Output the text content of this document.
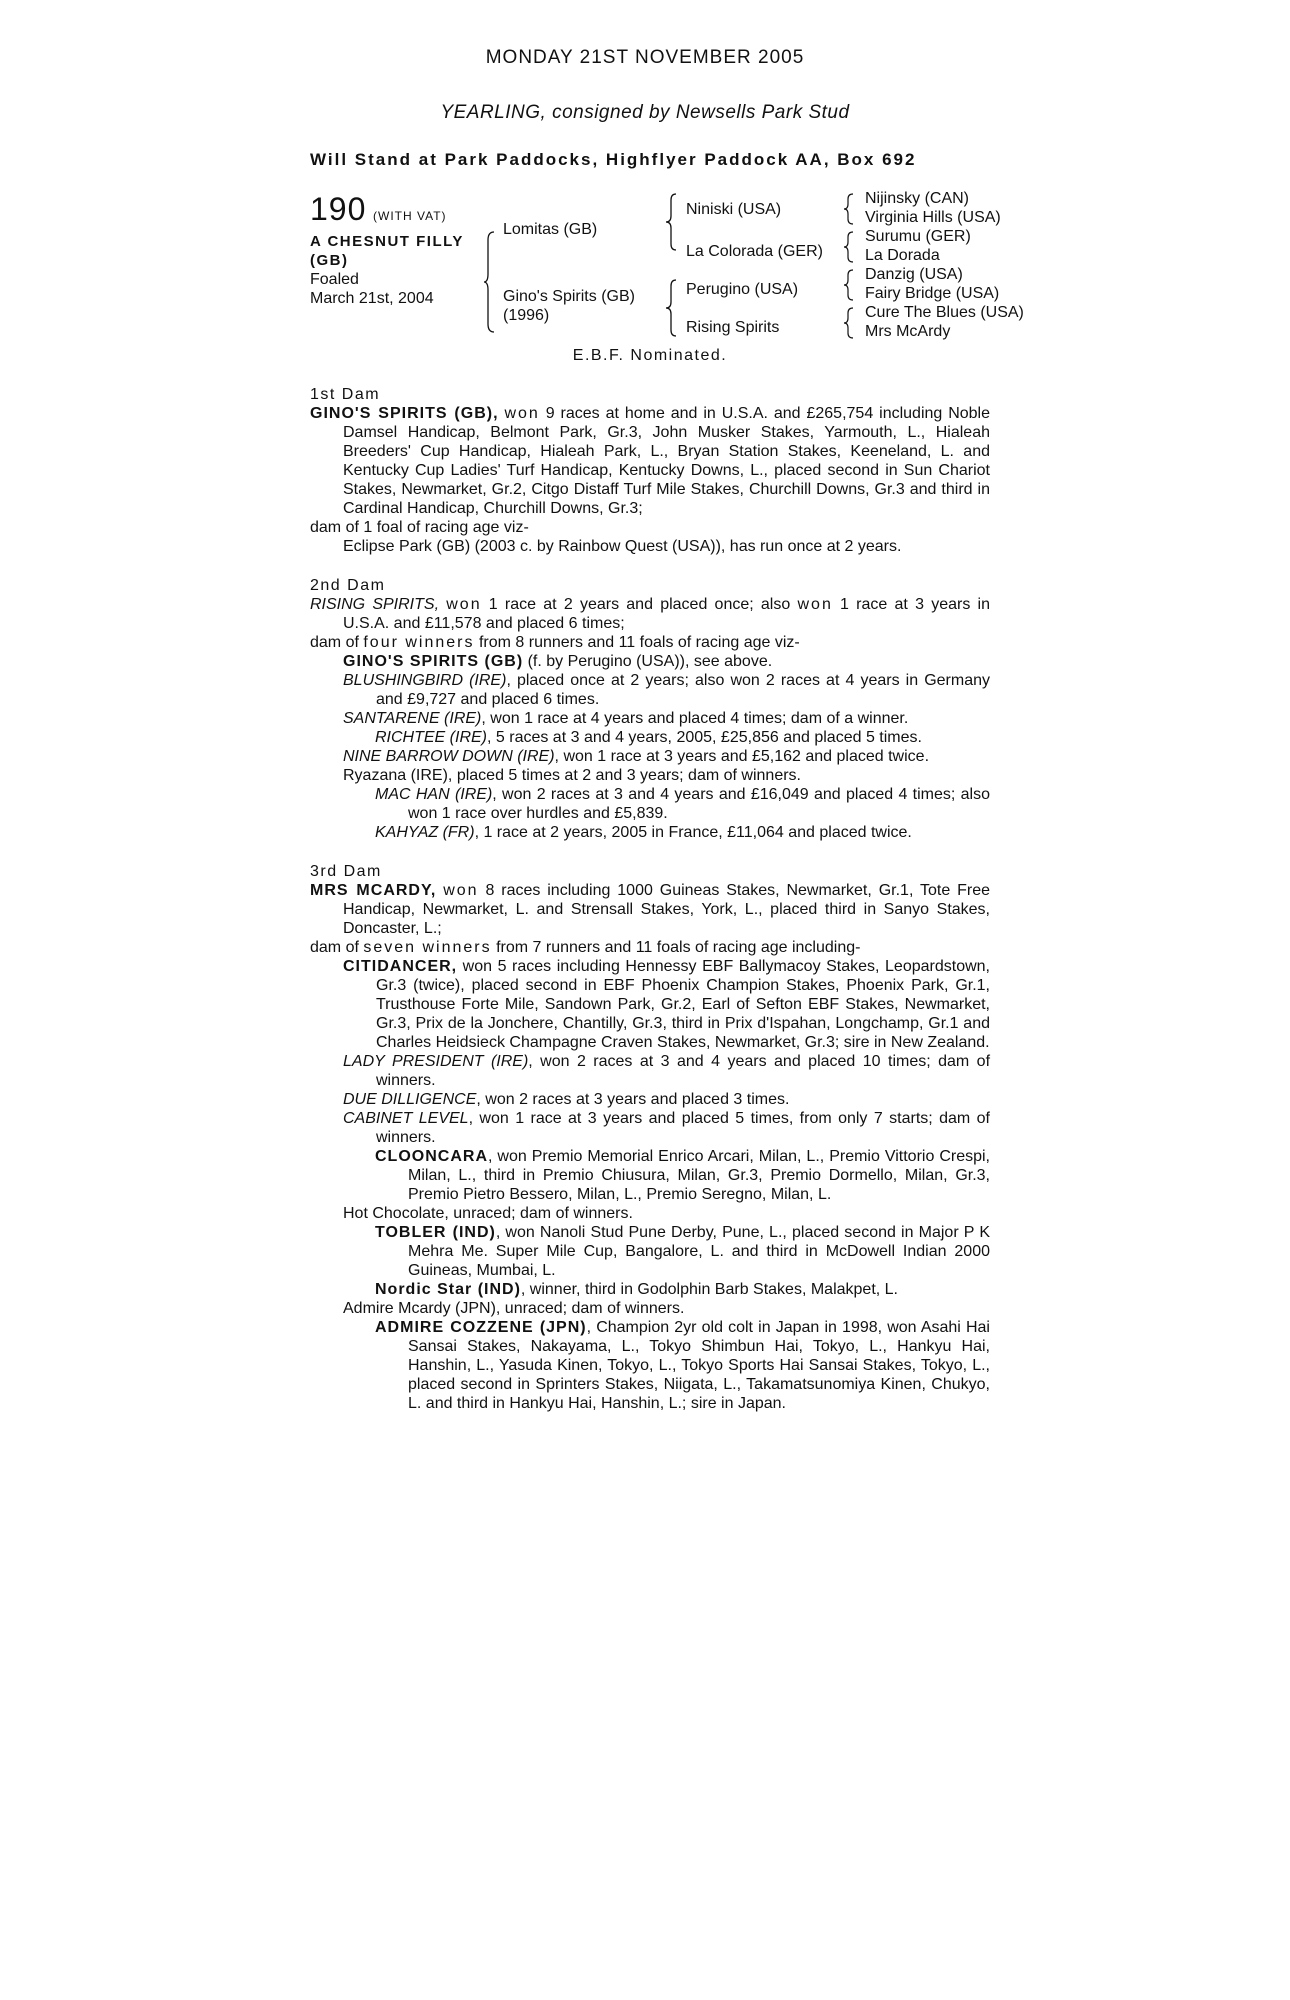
MONDAY 21ST NOVEMBER 2005
YEARLING, consigned by Newsells Park Stud
Will Stand at Park Paddocks, Highflyer Paddock AA, Box 692
190 (WITH VAT)
A CHESNUT FILLY
(GB)
Foaled
March 21st, 2004
Lomitas (GB)
Gino's Spirits (GB)
(1996)
Niniski (USA)
La Colorada (GER)
Perugino (USA)
Rising Spirits
Nijinsky (CAN)
Virginia Hills (USA)
Surumu (GER)
La Dorada
Danzig (USA)
Fairy Bridge (USA)
Cure The Blues (USA)
Mrs McArdy
E.B.F. Nominated.
1st Dam

GINO'S SPIRITS (GB), won 9 races at home and in U.S.A. and £265,754 including Noble Damsel Handicap, Belmont Park, Gr.3, John Musker Stakes, Yarmouth, L., Hialeah Breeders' Cup Handicap, Hialeah Park, L., Bryan Station Stakes, Keeneland, L. and Kentucky Cup Ladies' Turf Handicap, Kentucky Downs, L., placed second in Sun Chariot Stakes, Newmarket, Gr.2, Citgo Distaff Turf Mile Stakes, Churchill Downs, Gr.3 and third in Cardinal Handicap, Churchill Downs, Gr.3;

dam of 1 foal of racing age viz-

Eclipse Park (GB) (2003 c. by Rainbow Quest (USA)), has run once at 2 years.

2nd Dam

RISING SPIRITS, won 1 race at 2 years and placed once; also won 1 race at 3 years in U.S.A. and £11,578 and placed 6 times;

dam of four winners from 8 runners and 11 foals of racing age viz-

GINO'S SPIRITS (GB) (f. by Perugino (USA)), see above.

BLUSHINGBIRD (IRE), placed once at 2 years; also won 2 races at 4 years in Germany and £9,727 and placed 6 times.

SANTARENE (IRE), won 1 race at 4 years and placed 4 times; dam of a winner.

RICHTEE (IRE), 5 races at 3 and 4 years, 2005, £25,856 and placed 5 times.

NINE BARROW DOWN (IRE), won 1 race at 3 years and £5,162 and placed twice.

Ryazana (IRE), placed 5 times at 2 and 3 years; dam of winners.

MAC HAN (IRE), won 2 races at 3 and 4 years and £16,049 and placed 4 times; also won 1 race over hurdles and £5,839.

KAHYAZ (FR), 1 race at 2 years, 2005 in France, £11,064 and placed twice.

3rd Dam

MRS MCARDY, won 8 races including 1000 Guineas Stakes, Newmarket, Gr.1, Tote Free Handicap, Newmarket, L. and Strensall Stakes, York, L., placed third in Sanyo Stakes, Doncaster, L.;

dam of seven winners from 7 runners and 11 foals of racing age including-

CITIDANCER, won 5 races including Hennessy EBF Ballymacoy Stakes, Leopardstown, Gr.3 (twice), placed second in EBF Phoenix Champion Stakes, Phoenix Park, Gr.1, Trusthouse Forte Mile, Sandown Park, Gr.2, Earl of Sefton EBF Stakes, Newmarket, Gr.3, Prix de la Jonchere, Chantilly, Gr.3, third in Prix d'Ispahan, Longchamp, Gr.1 and Charles Heidsieck Champagne Craven Stakes, Newmarket, Gr.3; sire in New Zealand.

LADY PRESIDENT (IRE), won 2 races at 3 and 4 years and placed 10 times; dam of winners.

DUE DILLIGENCE, won 2 races at 3 years and placed 3 times.

CABINET LEVEL, won 1 race at 3 years and placed 5 times, from only 7 starts; dam of winners.

CLOONCARA, won Premio Memorial Enrico Arcari, Milan, L., Premio Vittorio Crespi, Milan, L., third in Premio Chiusura, Milan, Gr.3, Premio Dormello, Milan, Gr.3, Premio Pietro Bessero, Milan, L., Premio Seregno, Milan, L.

Hot Chocolate, unraced; dam of winners.

TOBLER (IND), won Nanoli Stud Pune Derby, Pune, L., placed second in Major P K Mehra Me. Super Mile Cup, Bangalore, L. and third in McDowell Indian 2000 Guineas, Mumbai, L.

Nordic Star (IND), winner, third in Godolphin Barb Stakes, Malakpet, L.

Admire Mcardy (JPN), unraced; dam of winners.

ADMIRE COZZENE (JPN), Champion 2yr old colt in Japan in 1998, won Asahi Hai Sansai Stakes, Nakayama, L., Tokyo Shimbun Hai, Tokyo, L., Hankyu Hai, Hanshin, L., Yasuda Kinen, Tokyo, L., Tokyo Sports Hai Sansai Stakes, Tokyo, L., placed second in Sprinters Stakes, Niigata, L., Takamatsunomiya Kinen, Chukyo, L. and third in Hankyu Hai, Hanshin, L.; sire in Japan.
